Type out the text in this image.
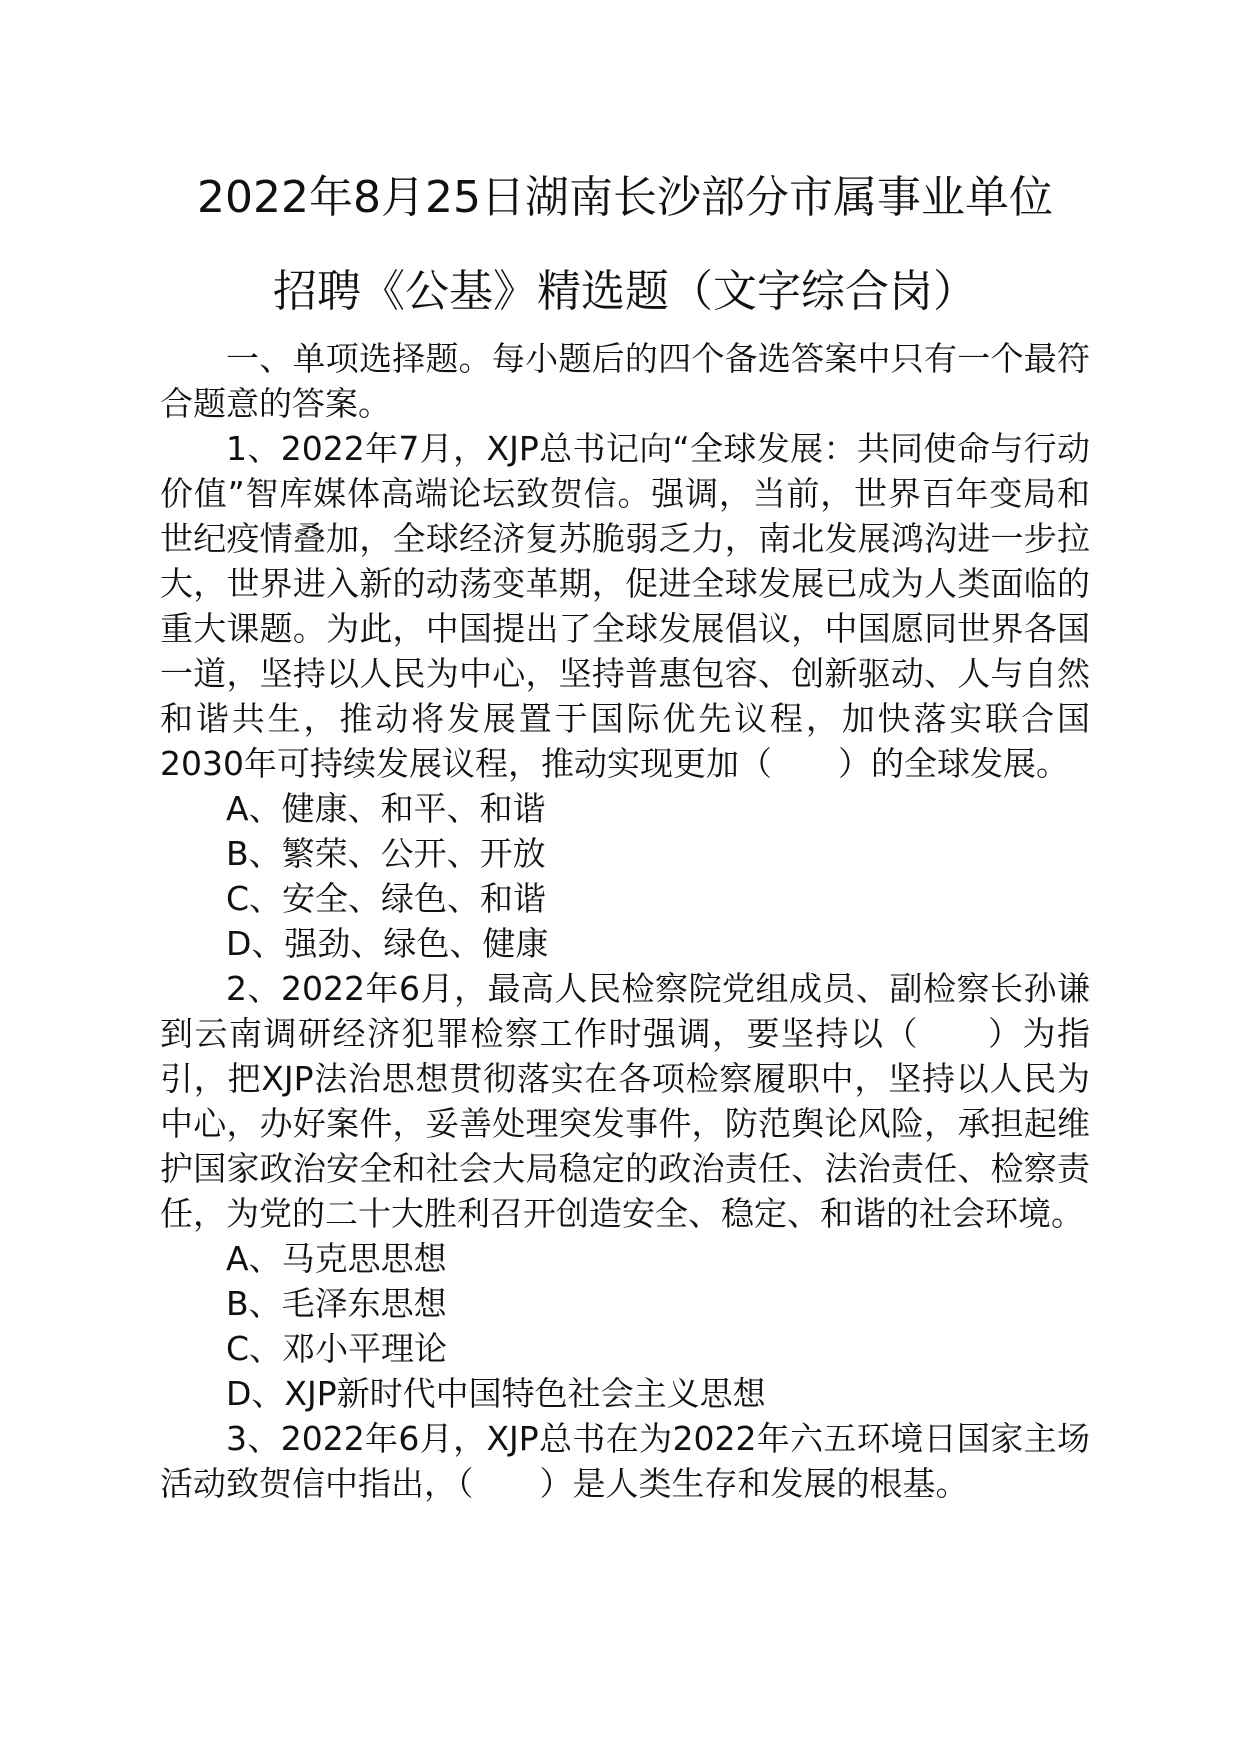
2022年8月25日湖南长沙部分市属事业单位
招聘《公基》精选题（文字综合岗）

一、单项选择题。每小题后的四个备选答案中只有一个最符合题意的答案。

1、2022年7月，XJP总书记向“全球发展：共同使命与行动价值”智库媒体高端论坛致贺信。强调，当前，世界百年变局和世纪疫情叠加，全球经济复苏脆弱乏力，南北发展鸿沟进一步拉大，世界进入新的动荡变革期，促进全球发展已成为人类面临的重大课题。为此，中国提出了全球发展倡议，中国愿同世界各国一道，坚持以人民为中心，坚持普惠包容、创新驱动、人与自然和谐共生，推动将发展置于国际优先议程，加快落实联合国2030年可持续发展议程，推动实现更加（　　）的全球发展。

A、健康、和平、和谐

B、繁荣、公开、开放

C、安全、绿色、和谐

D、强劲、绿色、健康

2、2022年6月，最高人民检察院党组成员、副检察长孙谦到云南调研经济犯罪检察工作时强调，要坚持以（　　）为指引，把XJP法治思想贯彻落实在各项检察履职中，坚持以人民为中心，办好案件，妥善处理突发事件，防范舆论风险，承担起维护国家政治安全和社会大局稳定的政治责任、法治责任、检察责任，为党的二十大胜利召开创造安全、稳定、和谐的社会环境。

A、马克思思想

B、毛泽东思想

C、邓小平理论

D、XJP新时代中国特色社会主义思想

3、2022年6月，XJP总书在为2022年六五环境日国家主场活动致贺信中指出，（　　）是人类生存和发展的根基。
